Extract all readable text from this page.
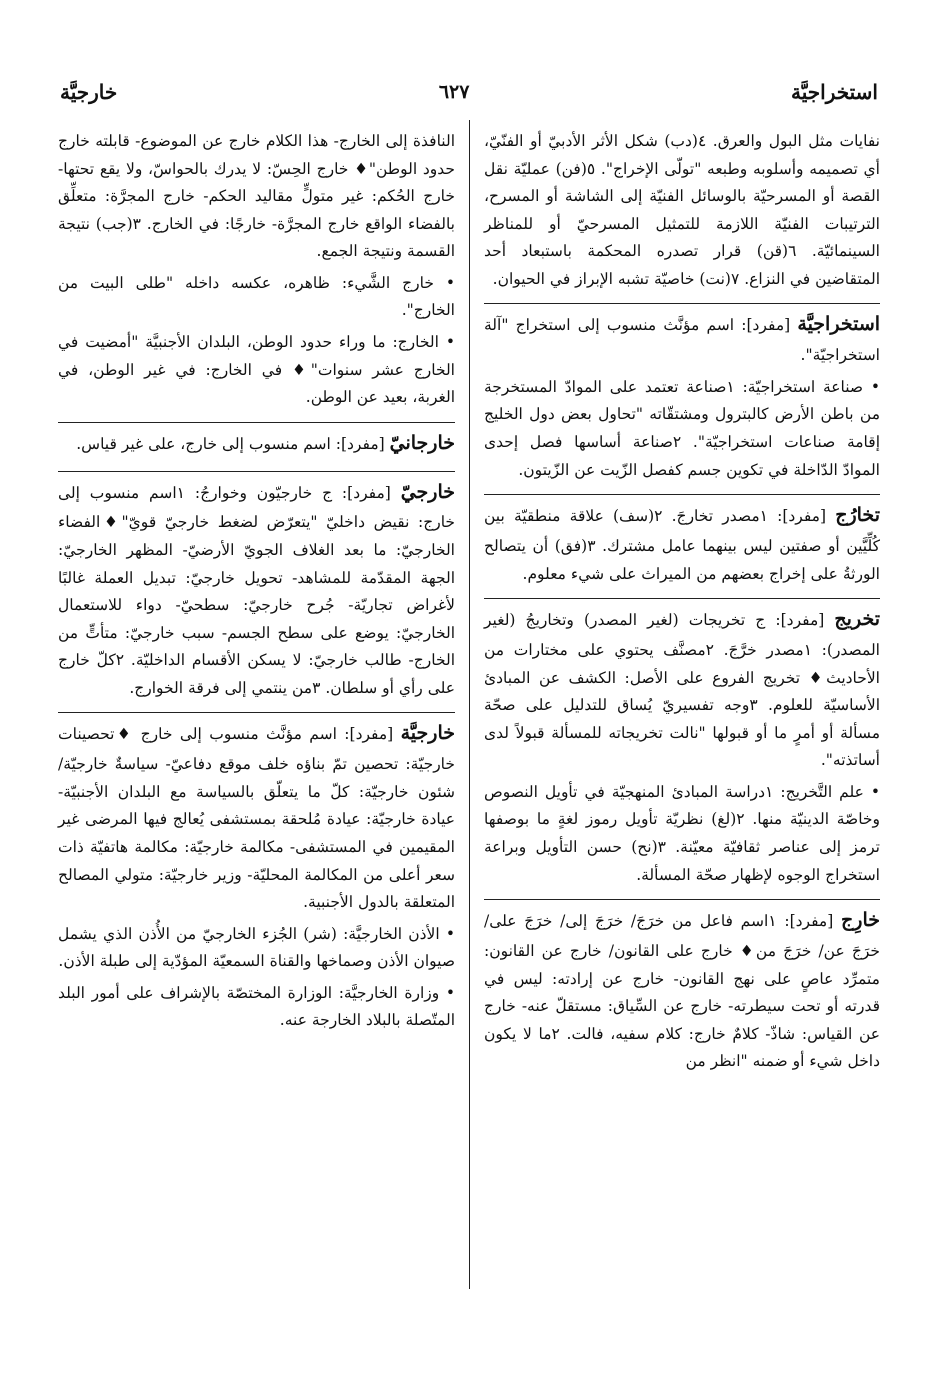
استخراجيَّة
٦٢٧
خارجيَّة

نفايات مثل البول والعرق. ٤(دب) شكل الأثر الأدبيّ أو الفنّيّ، أي تصميمه وأسلوبه وطبعه "تولّى الإخراج". ٥(فن) عمليّة نقل القصة أو المسرحيّة بالوسائل الفنيّة إلى الشاشة أو المسرح، الترتيبات الفنيّة اللازمة للتمثيل المسرحيّ أو للمناظر السينمائيّة. ٦(قن) قرار تصدره المحكمة باستبعاد أحد المتقاضين في النزاع. ٧(نت) خاصيّة تشبه الإبراز في الحيوان.

استخراجيَّة [مفرد]: اسم مؤنَّث منسوب إلى استخراج "آلة استخراجيّة".

• صناعة استخراجيّة: ١صناعة تعتمد على الموادّ المستخرجة من باطن الأرض كالبترول ومشتقّاته "تحاول بعض دول الخليج إقامة صناعات استخراجيّة". ٢صناعة أساسها فصل إحدى الموادّ الدّاخلة في تكوين جسم كفصل الزّيت عن الزّيتون.

تخارُج [مفرد]: ١مصدر تخارجَ. ٢(سف) علاقة منطقيّة بين كُلِّيَّين أو صفتين ليس بينهما عامل مشترك. ٣(فق) أن يتصالح الورثةُ على إخراج بعضهم من الميراث على شيء معلوم.

تخريج [مفرد]: ج تخريجات (لغير المصدر) وتخاريجُ (لغير المصدر): ١مصدر خرَّجَ. ٢مصنَّف يحتوي على مختارات من الأحاديث♦ تخريج الفروع على الأصل: الكشف عن المبادئ الأساسيّة للعلوم. ٣وجه تفسيريّ يُساق للتدليل على صحّة مسألة أو أمرٍ ما أو قبولها "نالت تخريجاته للمسألة قبولاً لدى أساتذته".

• علم التَّخريج: ١دراسة المبادئ المنهجيّة في تأويل النصوص وخاصّة الدينيّة منها. ٢(لغ) نظريّة تأويل رموز لغةٍ ما بوصفها ترمز إلى عناصر ثقافيّة معيّنة. ٣(نح) حسن التأويل وبراعة استخراج الوجوه لإظهار صحّة المسألة.

خارِج [مفرد]: ١اسم فاعل من خرَجَ/ خرَجَ إلى/ خرَجَ على/ خرَجَ عن/ خرَجَ من♦ خارج على القانون/ خارج عن القانون: متمرِّد عاصٍ على نهج القانون- خارج عن إرادته: ليس في قدرته أو تحت سيطرته- خارج عن السِّياق: مستقلّ عنه- خارج عن القياس: شاذّ- كلامٌ خارج: كلام سفيه، فالت. ٢ما لا يكون داخل شيء أو ضمنه "انظر من

النافذة إلى الخارج- هذا الكلام خارج عن الموضوع- قابلته خارج حدود الوطن"♦ خارج الحِسّ: لا يدرك بالحواسّ، ولا يقع تحتها- خارج الحُكم: غير متولٍّ مقاليد الحكم- خارج المجرَّة: متعلِّق بالفضاء الواقع خارج المجرَّة- خارجًا: في الخارج. ٣(جب) نتيجة القسمة ونتيجة الجمع.

• خارج الشَّيء: ظاهره، عكسه داخله "طلى البيت من الخارج".

• الخارج: ما وراء حدود الوطن، البلدان الأجنبيَّة "أمضيت في الخارج عشر سنوات"♦ في الخارج: في غير الوطن، في الغربة، بعيد عن الوطن.

خارجانيّ [مفرد]: اسم منسوب إلى خارج، على غير قياس.

خارجيّ [مفرد]: ج خارجيّون وخوارجُ: ١اسم منسوب إلى خارج: نقيض داخليّ "يتعرّض لضغط خارجيّ قويّ"♦الفضاء الخارجيّ: ما بعد الغلاف الجويّ الأرضيّ- المظهر الخارجيّ: الجهة المقدّمة للمشاهد- تحويل خارجيّ: تبديل العملة غالبًا لأغراض تجاريّة- جُرح خارجيّ: سطحيّ- دواء للاستعمال الخارجيّ: يوضع على سطح الجسم- سبب خارجيّ: متأتٍّ من الخارج- طالب خارجيّ: لا يسكن الأقسام الداخليّة. ٢كلّ خارج على رأي أو سلطان. ٣من ينتمي إلى فرقة الخوارج.

خارجيَّة [مفرد]: اسم مؤنَّث منسوب إلى خارج ♦تحصينات خارجيّة: تحصين تمّ بناؤه خلف موقع دفاعيّ- سياسةٌ خارجيّة/ شئون خارجيّة: كلّ ما يتعلّق بالسياسة مع البلدان الأجنبيّة- عيادة خارجيّة: عيادة مُلحقة بمستشفى يُعالج فيها المرضى غير المقيمين في المستشفى- مكالمة خارجيّة: مكالمة هاتفيّة ذات سعر أعلى من المكالمة المحليّة- وزير خارجيّة: متولي المصالح المتعلقة بالدول الأجنبية.

• الأذن الخارجيَّة: (شر) الجُزء الخارجيّ من الأُذن الذي يشمل صيوان الأذن وصماخها والقناة السمعيّة المؤدّية إلى طبلة الأذن.

• وزارة الخارجيَّة: الوزارة المختصّة بالإشراف على أمور البلد المتّصلة بالبلاد الخارجة عنه.
